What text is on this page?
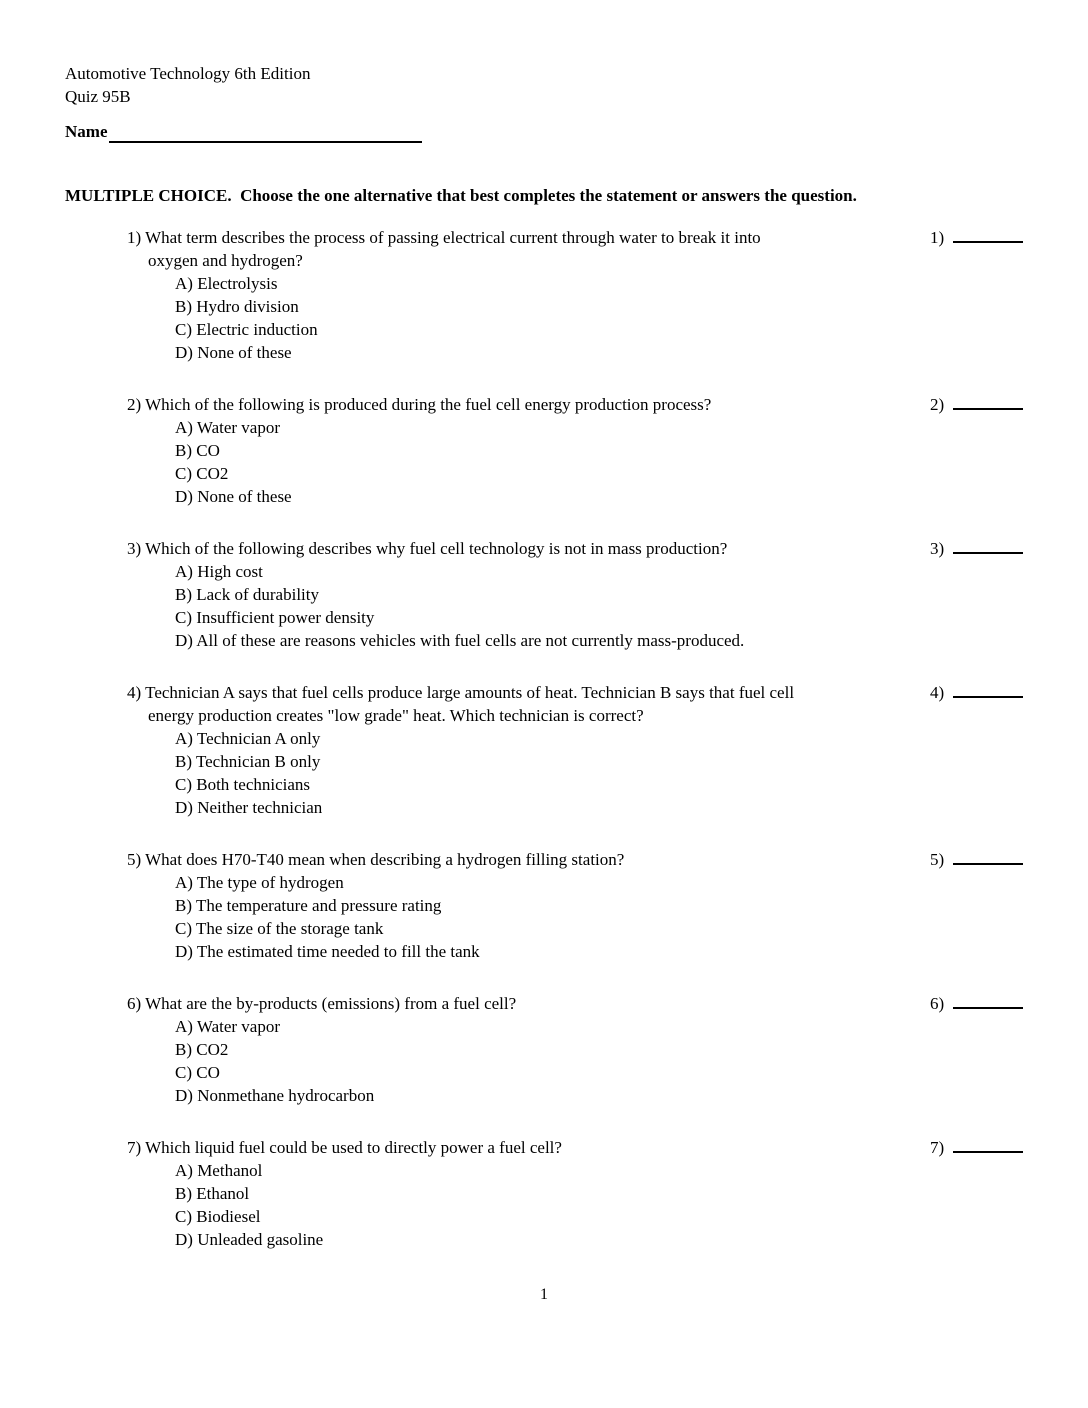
Automotive Technology 6th Edition
Quiz 95B
Name
MULTIPLE CHOICE.  Choose the one alternative that best completes the statement or answers the question.
1)
1) What term describes the process of passing electrical current through water to break it into
oxygen and hydrogen?
A) Electrolysis
B) Hydro division
C) Electric induction
D) None of these
2)
2) Which of the following is produced during the fuel cell energy production process?
A) Water vapor
B) CO
C) CO2
D) None of these
3)
3) Which of the following describes why fuel cell technology is not in mass production?
A) High cost
B) Lack of durability
C) Insufficient power density
D) All of these are reasons vehicles with fuel cells are not currently mass-produced.
4)
4) Technician A says that fuel cells produce large amounts of heat. Technician B says that fuel cell
energy production creates "low grade" heat. Which technician is correct?
A) Technician A only
B) Technician B only
C) Both technicians
D) Neither technician
5)
5) What does H70-T40 mean when describing a hydrogen filling station?
A) The type of hydrogen
B) The temperature and pressure rating
C) The size of the storage tank
D) The estimated time needed to fill the tank
6)
6) What are the by-products (emissions) from a fuel cell?
A) Water vapor
B) CO2
C) CO
D) Nonmethane hydrocarbon
7)
7) Which liquid fuel could be used to directly power a fuel cell?
A) Methanol
B) Ethanol
C) Biodiesel
D) Unleaded gasoline
1
